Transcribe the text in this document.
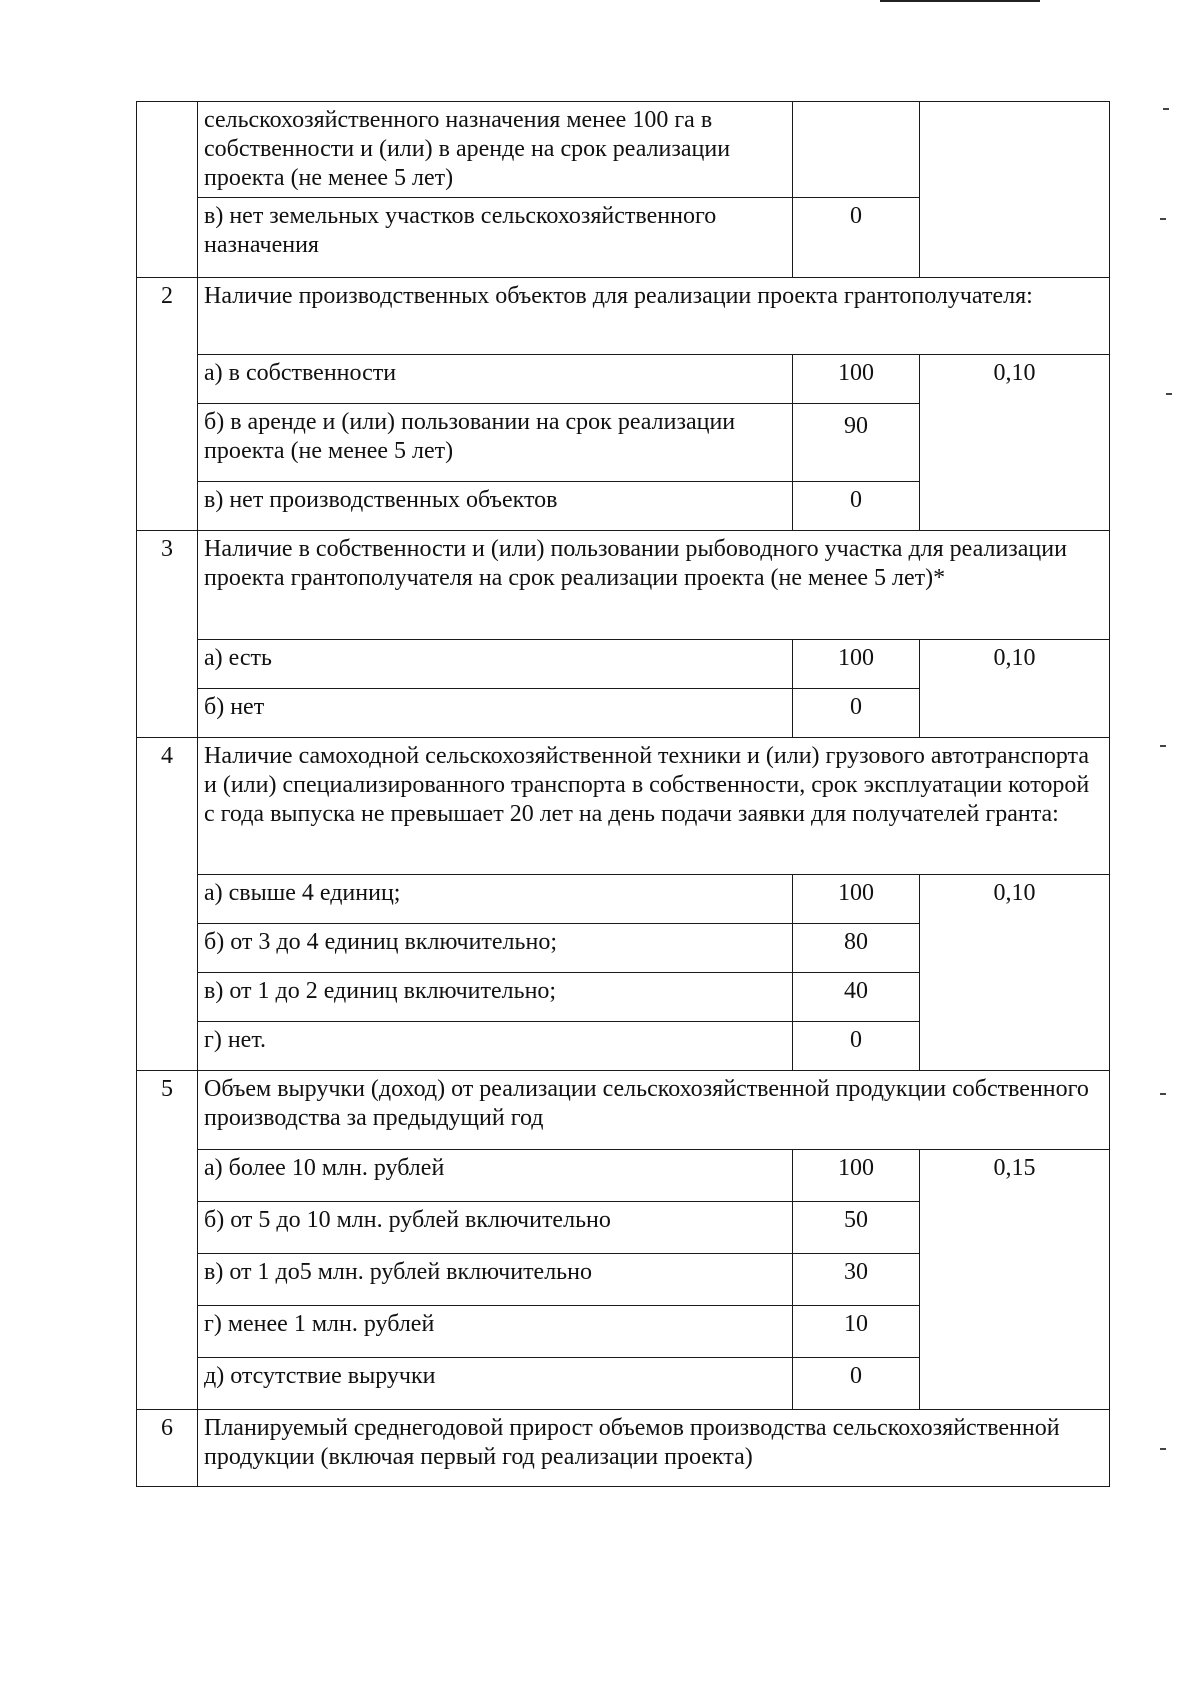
	сельскохозяйственного назначения менее 100 га в собственности и (или) в аренде на срок реализации проекта (не менее 5 лет)		
	в) нет земельных участков сельскохозяйственного назначения	0	
2	Наличие производственных объектов для реализации проекта грантополучателя:		
	а) в собственности	100	0,10
	б) в аренде и (или) пользовании на срок реализации проекта (не менее 5 лет)	90	
	в) нет производственных объектов	0	
3	Наличие в собственности и (или) пользовании рыбоводного участка для реализации проекта грантополучателя на срок реализации проекта (не менее 5 лет)*		
	а) есть	100	0,10
	б) нет	0	
4	Наличие самоходной сельскохозяйственной техники и (или) грузового автотранспорта и (или) специализированного транспорта в собственности, срок эксплуатации которой с года выпуска не превышает 20 лет на день подачи заявки для получателей гранта:		
	а) свыше 4 единиц;	100	0,10
	б) от 3 до 4 единиц включительно;	80	
	в) от 1 до 2 единиц включительно;	40	
	г) нет.	0	
5	Объем выручки (доход) от реализации сельскохозяйственной продукции собственного производства за предыдущий год		
	а) более 10 млн. рублей	100	0,15
	б) от 5 до 10 млн. рублей включительно	50	
	в) от 1 до5 млн. рублей включительно	30	
	г) менее 1 млн. рублей	10	
	д) отсутствие выручки	0	
6	Планируемый среднегодовой прирост объемов производства сельскохозяйственной продукции (включая первый год реализации проекта)		
